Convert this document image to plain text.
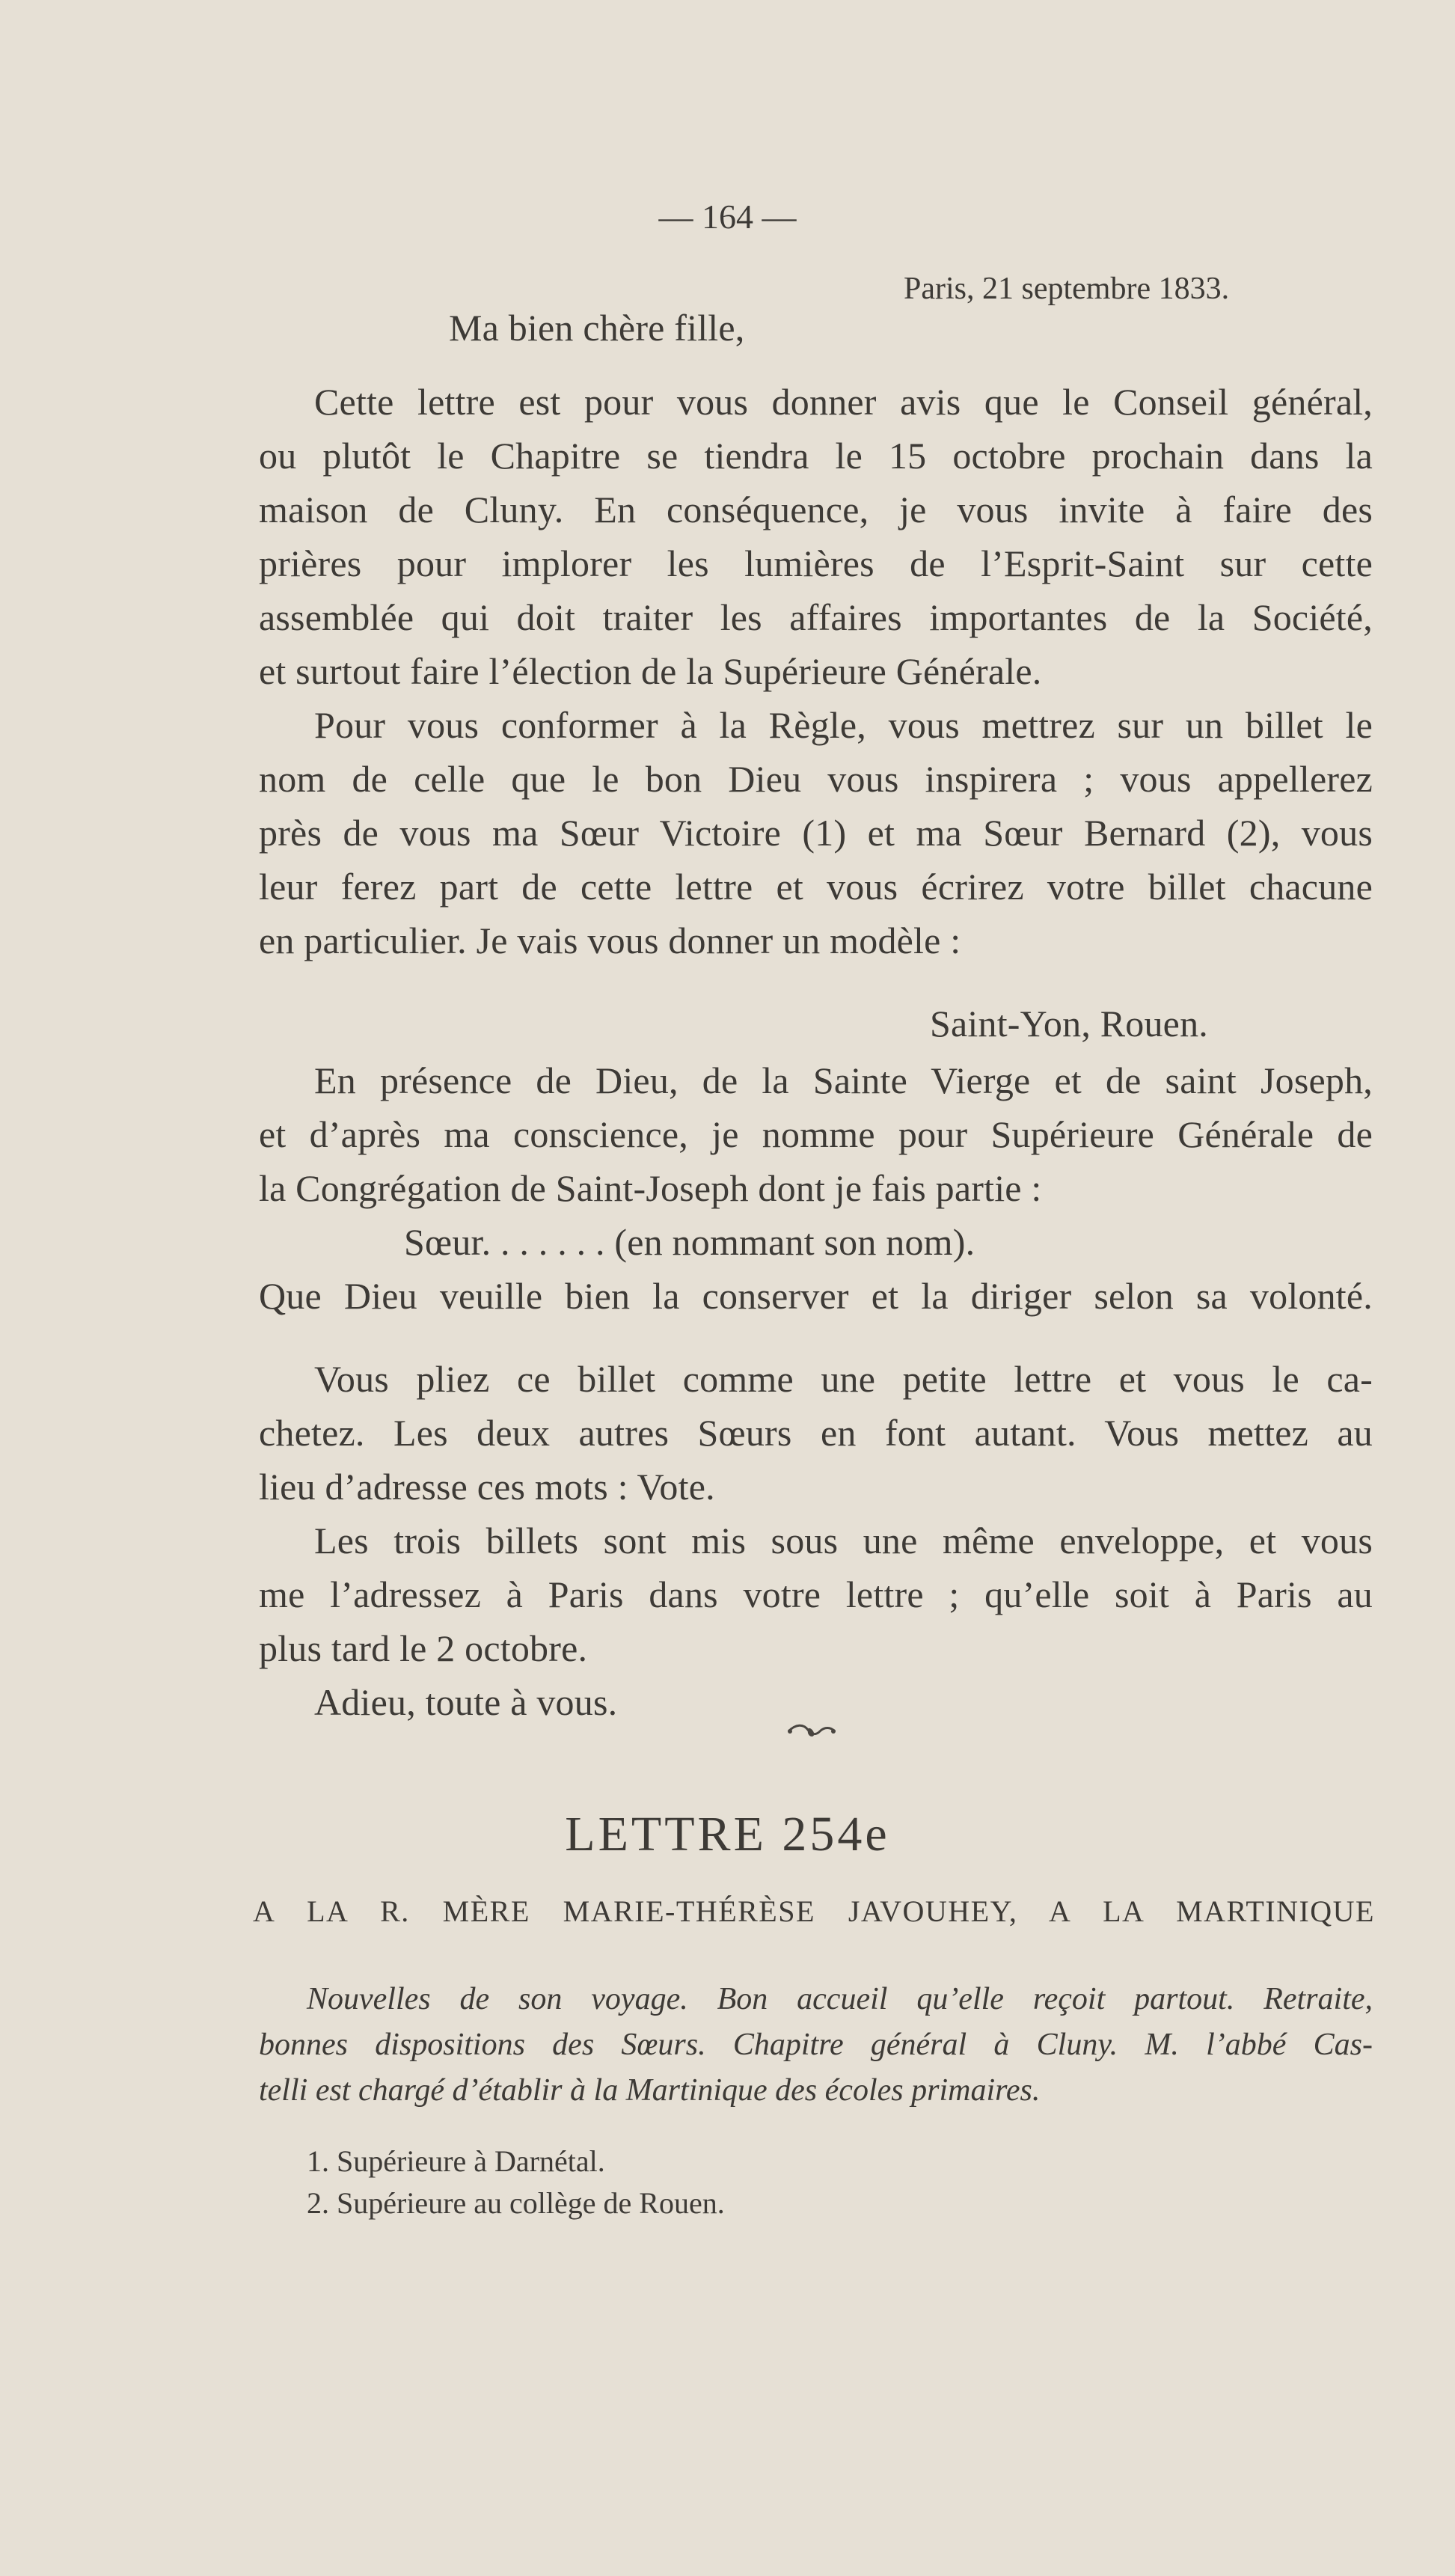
— 164 —
Paris, 21 septembre 1833.
Ma bien chère fille,
Cette lettre est pour vous donner avis que le Conseil général,
ou plutôt le Chapitre se tiendra le 15 octobre prochain dans la
maison de Cluny. En conséquence, je vous invite à faire des
prières pour implorer les lumières de l’Esprit-Saint sur cette
assemblée qui doit traiter les affaires importantes de la Société,
et surtout faire l’élection de la Supérieure Générale.
Pour vous conformer à la Règle, vous mettrez sur un billet le
nom de celle que le bon Dieu vous inspirera ; vous appellerez
près de vous ma Sœur Victoire (1) et ma Sœur Bernard (2), vous
leur ferez part de cette lettre et vous écrirez votre billet chacune
en particulier. Je vais vous donner un modèle :
Saint-Yon, Rouen.
En présence de Dieu, de la Sainte Vierge et de saint Joseph,
et d’après ma conscience, je nomme pour Supérieure Générale de
la Congrégation de Saint-Joseph dont je fais partie :
Sœur. . . . . . . (en nommant son nom).
Que Dieu veuille bien la conserver et la diriger selon sa volonté.
Vous pliez ce billet comme une petite lettre et vous le ca-
chetez. Les deux autres Sœurs en font autant. Vous mettez au
lieu d’adresse ces mots : Vote.
Les trois billets sont mis sous une même enveloppe, et vous
me l’adressez à Paris dans votre lettre ; qu’elle soit à Paris au
plus tard le 2 octobre.
Adieu, toute à vous.
LETTRE 254e
A LA R. MÈRE MARIE-THÉRÈSE JAVOUHEY, A LA MARTINIQUE
Nouvelles de son voyage. Bon accueil qu’elle reçoit partout. Retraite,
bonnes dispositions des Sœurs. Chapitre général à Cluny. M. l’abbé Cas-
telli est chargé d’établir à la Martinique des écoles primaires.
1. Supérieure à Darnétal.
2. Supérieure au collège de Rouen.
